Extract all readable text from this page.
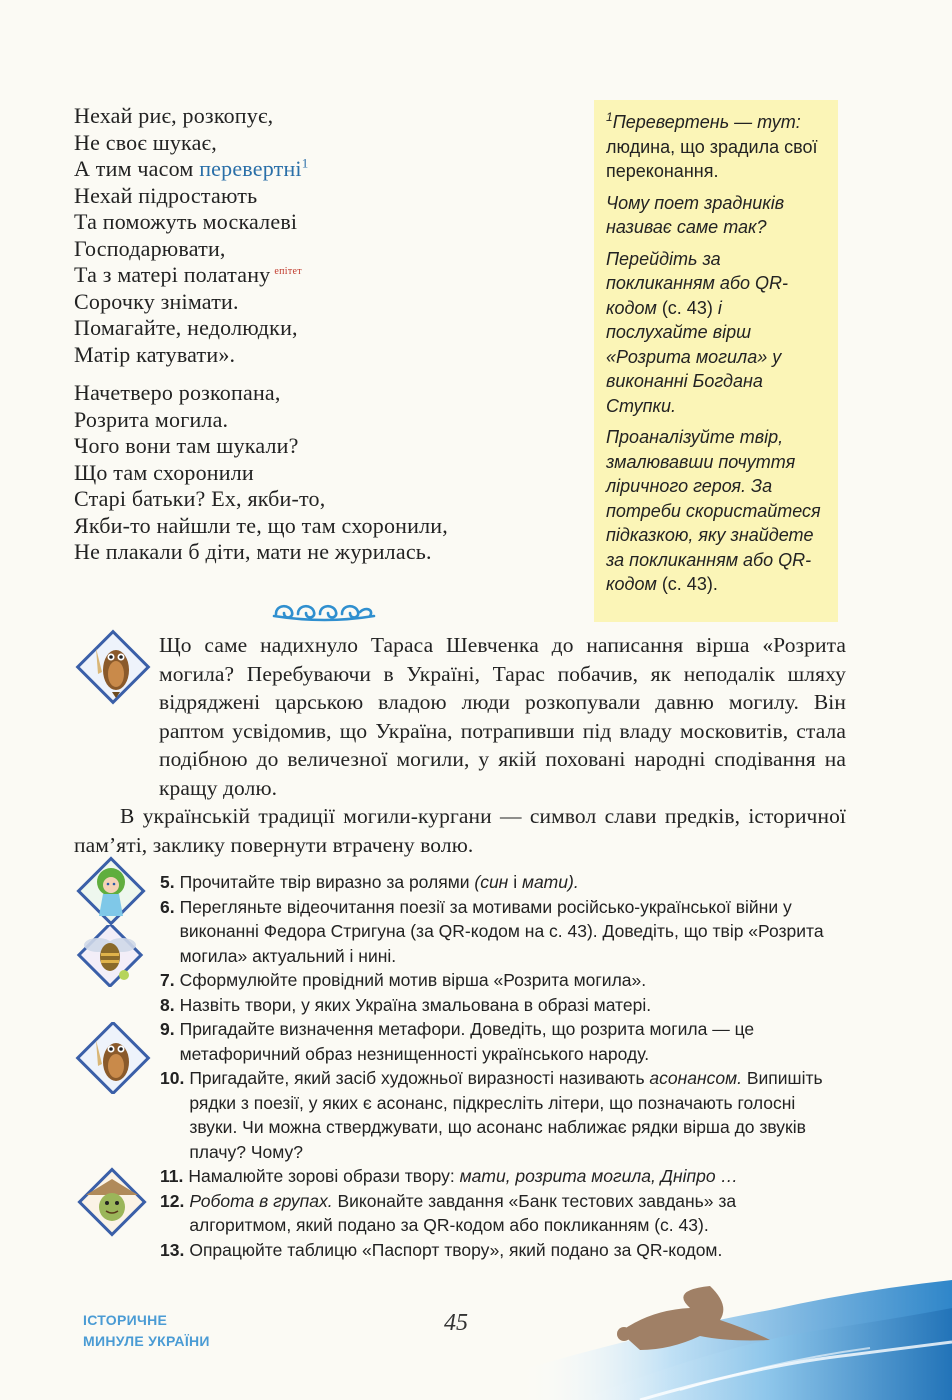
Нехай риє, розкопує,
Не своє шукає,
А тим часом перевертні$^1$
Нехай підростають
Та поможуть москалеві
Господарювати,
Та з матері полатану $^{епітет}$
Сорочку знімати.
Помагайте, недолюдки,
Матір катувати».
Начетверо розкопана,
Розрита могила.
Чого вони там шукали?
Що там схоронили
Старі батьки? Ех, якби-то,
Якби-то найшли те, що там схоронили,
Не плакали б діти, мати не журилась.

$^1$Перевертень — тут: людина, що зрадила свої переконання.

Чому поет зрадників називає саме так?

Перейдіть за покликанням або QR-кодом (с. 43) і послухайте вірш «Розрита могила» у виконанні Богдана Ступки.

Проаналізуйте твір, змалювавши почуття ліричного героя. За потреби скористайтеся підказкою, яку знайдете за покликанням або QR-кодом (с. 43).

Що саме надихнуло Тараса Шевченка до написання вірша «Розрита могила? Перебуваючи в Україні, Тарас побачив, як неподалік шляху відряджені царською владою люди розкопували давню могилу. Він раптом усвідомив, що Україна, потрапивши під владу московитів, стала подібною до величезної могили, у якій поховані народні сподівання на кращу долю.

В українській традиції могили-кургани — символ слави предків, історичної пам’яті, заклику повернути втрачену волю.

5. Прочитайте твір виразно за ролями (син і мати).
6. Перегляньте відеочитання поезії за мотивами російсько-української війни у виконанні Федора Стригуна (за QR-кодом на с. 43). Доведіть, що твір «Розрита могила» актуальний і нині.
7. Сформулюйте провідний мотив вірша «Розрита могила».
8. Назвіть твори, у яких Україна змальована в образі матері.
9. Пригадайте визначення метафори. Доведіть, що розрита могила — це метафоричний образ незнищенності українського народу.
10. Пригадайте, який засіб художньої виразності називають асонансом. Випишіть рядки з поезії, у яких є асонанс, підкресліть літери, що позначають голосні звуки. Чи можна стверджувати, що асонанс наближає рядки вірша до звуків плачу? Чому?
11. Намалюйте зорові образи твору: мати, розрита могила, Дніпро …
12. Робота в групах. Виконайте завдання «Банк тестових завдань» за алгоритмом, який подано за QR-кодом або покликанням (с. 43).
13. Опрацюйте таблицю «Паспорт твору», який подано за QR-кодом.
ІСТОРИЧНЕ
МИНУЛЕ УКРАЇНИ
45
